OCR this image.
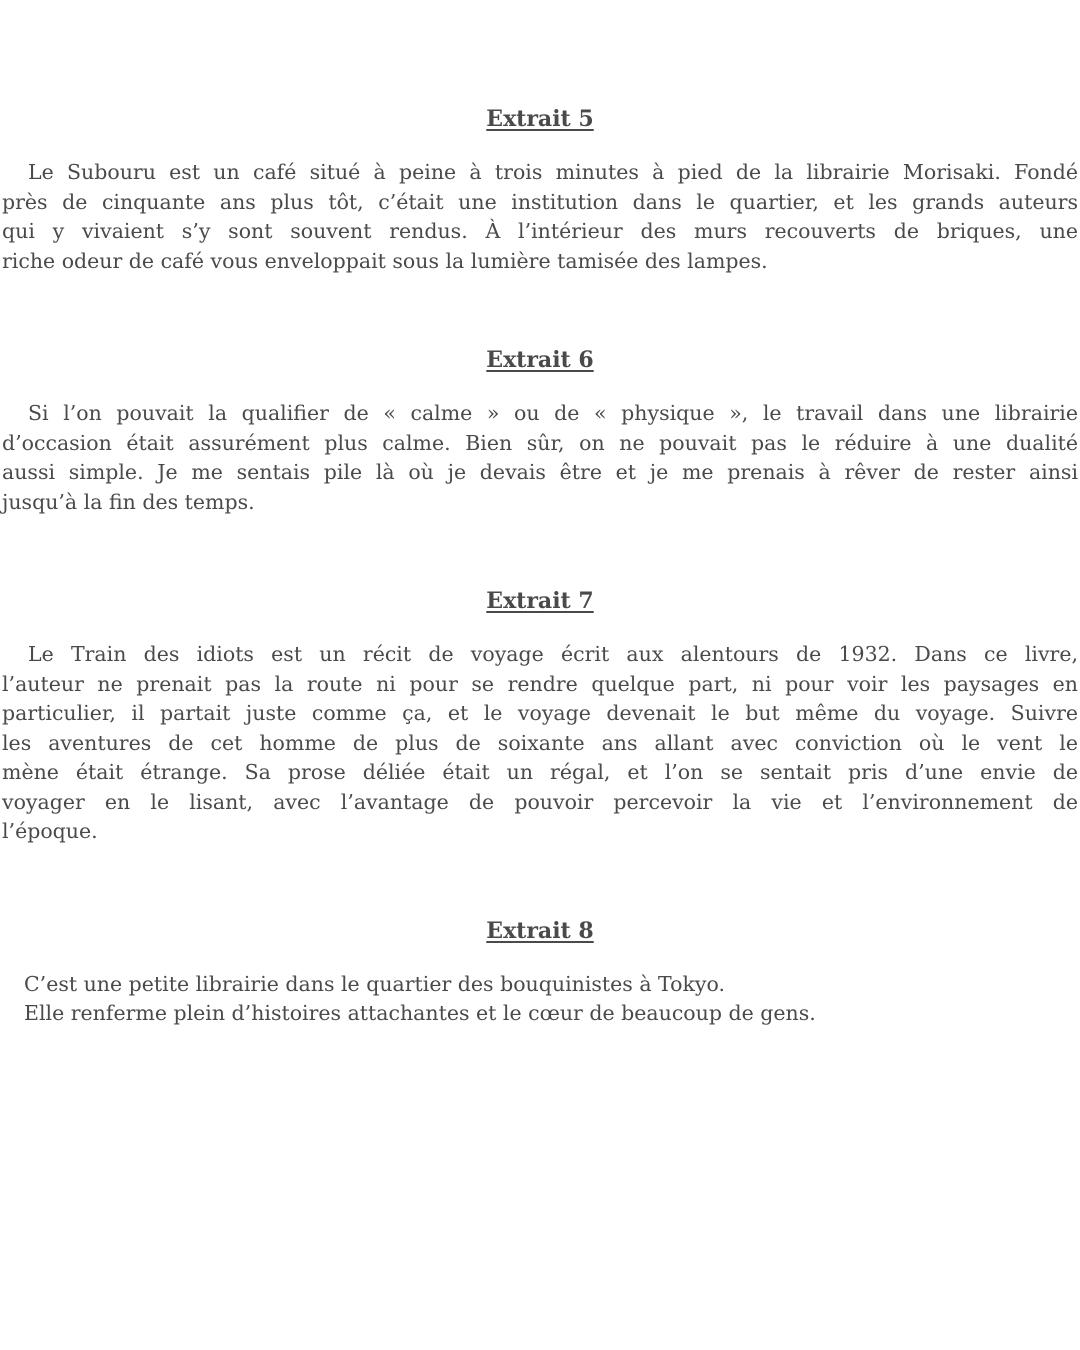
Extrait 5
Le Subouru est un café situé à peine à trois minutes à pied de la librairie Morisaki. Fondé
près de cinquante ans plus tôt, c’était une institution dans le quartier, et les grands auteurs
qui y vivaient s’y sont souvent rendus. À l’intérieur des murs recouverts de briques, une
riche odeur de café vous enveloppait sous la lumière tamisée des lampes.
Extrait 6
Si l’on pouvait la qualifier de « calme » ou de « physique », le travail dans une librairie
d’occasion était assurément plus calme. Bien sûr, on ne pouvait pas le réduire à une dualité
aussi simple. Je me sentais pile là où je devais être et je me prenais à rêver de rester ainsi
jusqu’à la fin des temps.
Extrait 7
Le Train des idiots est un récit de voyage écrit aux alentours de 1932. Dans ce livre,
l’auteur ne prenait pas la route ni pour se rendre quelque part, ni pour voir les paysages en
particulier, il partait juste comme ça, et le voyage devenait le but même du voyage. Suivre
les aventures de cet homme de plus de soixante ans allant avec conviction où le vent le
mène était étrange. Sa prose déliée était un régal, et l’on se sentait pris d’une envie de
voyager en le lisant, avec l’avantage de pouvoir percevoir la vie et l’environnement de
l’époque.
Extrait 8
C’est une petite librairie dans le quartier des bouquinistes à Tokyo.
Elle renferme plein d’histoires attachantes et le cœur de beaucoup de gens.
